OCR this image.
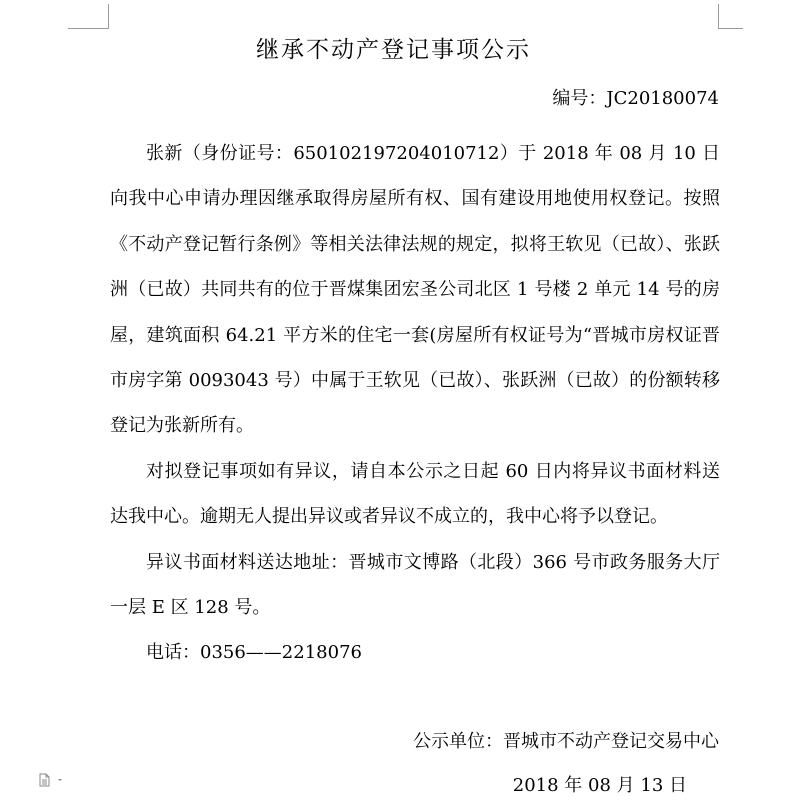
继承不动产登记事项公示
编号：JC20180074

张新（身份证号：650102197204010712）于 2018 年 08 月 10 日向我中心申请办理因继承取得房屋所有权、国有建设用地使用权登记。按照《不动产登记暂行条例》等相关法律法规的规定，拟将王软见（已故）、张跃洲（已故）共同共有的位于晋煤集团宏圣公司北区 1 号楼 2 单元 14 号的房屋，建筑面积 64.21 平方米的住宅一套(房屋所有权证号为“晋城市房权证晋市房字第 0093043 号）中属于王软见（已故）、张跃洲（已故）的份额转移登记为张新所有。

对拟登记事项如有异议，请自本公示之日起 60 日内将异议书面材料送达我中心。逾期无人提出异议或者异议不成立的，我中心将予以登记。

异议书面材料送达地址：晋城市文博路（北段）366 号市政务服务大厅一层 E 区 128 号。

电话：0356——2218076

公示单位：晋城市不动产登记交易中心
2018 年 08 月 13 日
